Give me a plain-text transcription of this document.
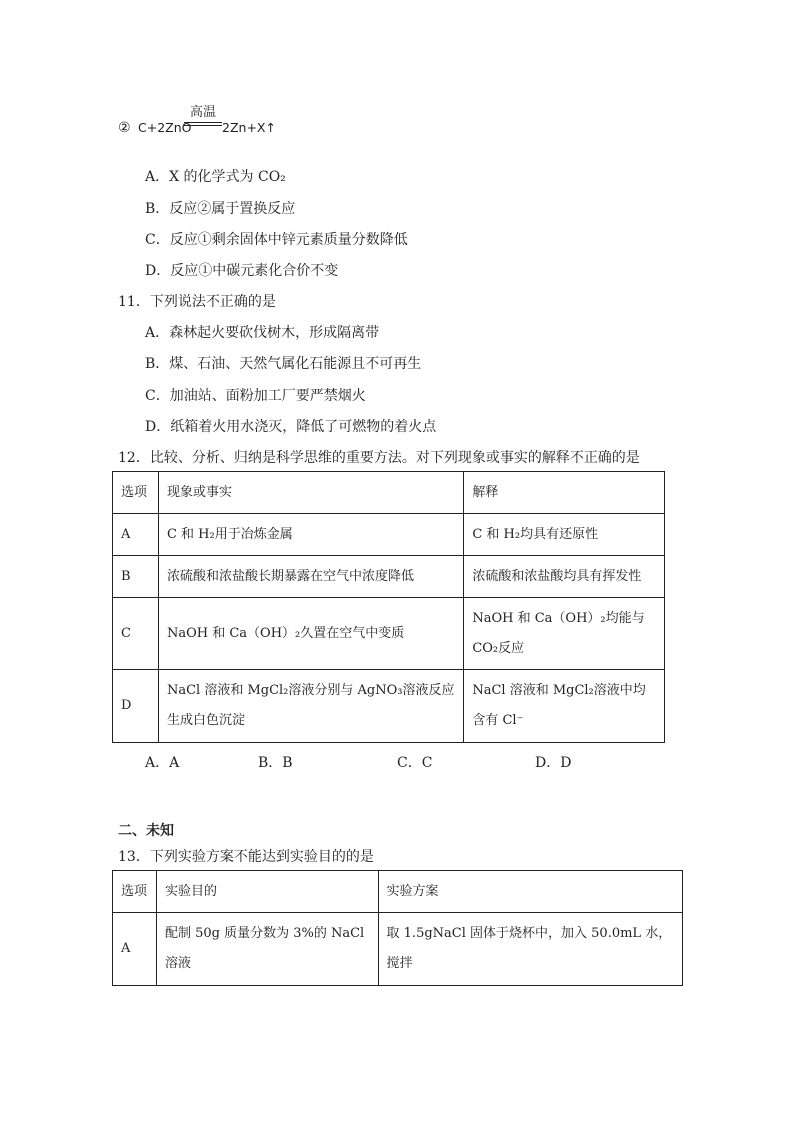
② C+2ZnO
高温
2Zn+X↑
A．X 的化学式为 CO₂
B．反应②属于置换反应
C．反应①剩余固体中锌元素质量分数降低
D．反应①中碳元素化合价不变
11．下列说法不正确的是
A．森林起火要砍伐树木，形成隔离带
B．煤、石油、天然气属化石能源且不可再生
C．加油站、面粉加工厂要严禁烟火
D．纸箱着火用水浇灭，降低了可燃物的着火点
12．比较、分析、归纳是科学思维的重要方法。对下列现象或事实的解释不正确的是
选项	现象或事实	解释
A	C 和 H₂用于冶炼金属	C 和 H₂均具有还原性
B	浓硫酸和浓盐酸长期暴露在空气中浓度降低	浓硫酸和浓盐酸均具有挥发性
C	NaOH 和 Ca（OH）₂久置在空气中变质	NaOH 和 Ca（OH）₂均能与 CO₂反应
D	NaCl 溶液和 MgCl₂溶液分别与 AgNO₃溶液反应生成白色沉淀	NaCl 溶液和 MgCl₂溶液中均含有 Cl⁻
A．A	B．B	C．C	D．D
二、未知
13．下列实验方案不能达到实验目的的是
选项	实验目的	实验方案
A	配制 50g 质量分数为 3%的 NaCl 溶液	取 1.5gNaCl 固体于烧杯中，加入 50.0mL 水，搅拌
